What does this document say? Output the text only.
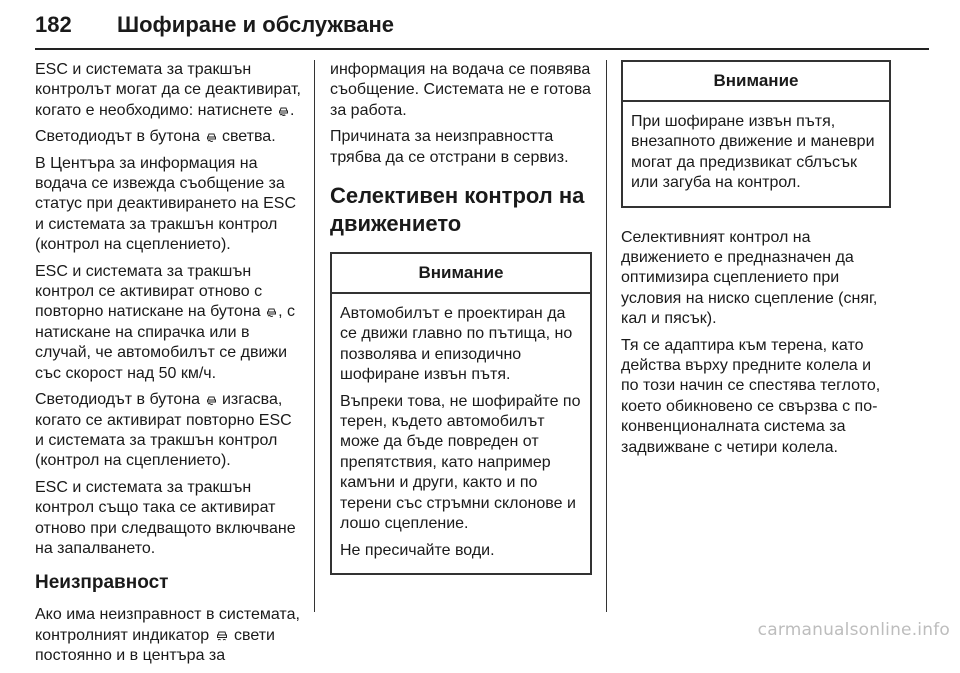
182 Шофиране и обслужване

ESC и системата за тракшън контролът могат да се деактивират, когато е необходимо: натиснете .

Светодиодът в бутона светва.

В Центъра за информация на водача се извежда съобщение за статус при деактивирането на ESC и системата за тракшън контрол (контрол на сцеплението).

ESC и системата за тракшън контрол се активират отново с повторно натискане на бутона , с натискане на спирачка или в случай, че автомобилът се движи със скорост над 50 км/ч.

Светодиодът в бутона изгасва, когато се активират повторно ESC и системата за тракшън контрол (контрол на сцеплението).

ESC и системата за тракшън контрол също така се активират отново при следващото включване на запалването.

Неизправност

Ако има неизправност в системата, контролният индикатор свети постоянно и в центъра за

информация на водача се появява съобщение. Системата не е готова за работа.

Причината за неизправността трябва да се отстрани в сервиз.

Селективен контрол на движението
Внимание

Автомобилът е проектиран да се движи главно по пътища, но позволява и епизодично шофиране извън пътя.

Въпреки това, не шофирайте по терен, където автомобилът може да бъде повреден от препятствия, като например камъни и други, както и по терени със стръмни склонове и лошо сцепление.

Не пресичайте води.

Внимание

При шофиране извън пътя, внезапното движение и маневри могат да предизвикат сблъсък или загуба на контрол.

Селективният контрол на движението е предназначен да оптимизира сцеплението при условия на ниско сцепление (сняг, кал и пясък).

Тя се адаптира към терена, като действа върху предните колела и по този начин се спестява теглото, което обикновено се свързва с по-конвенционалната система за задвижване с четири колела.

carmanualsonline.info
